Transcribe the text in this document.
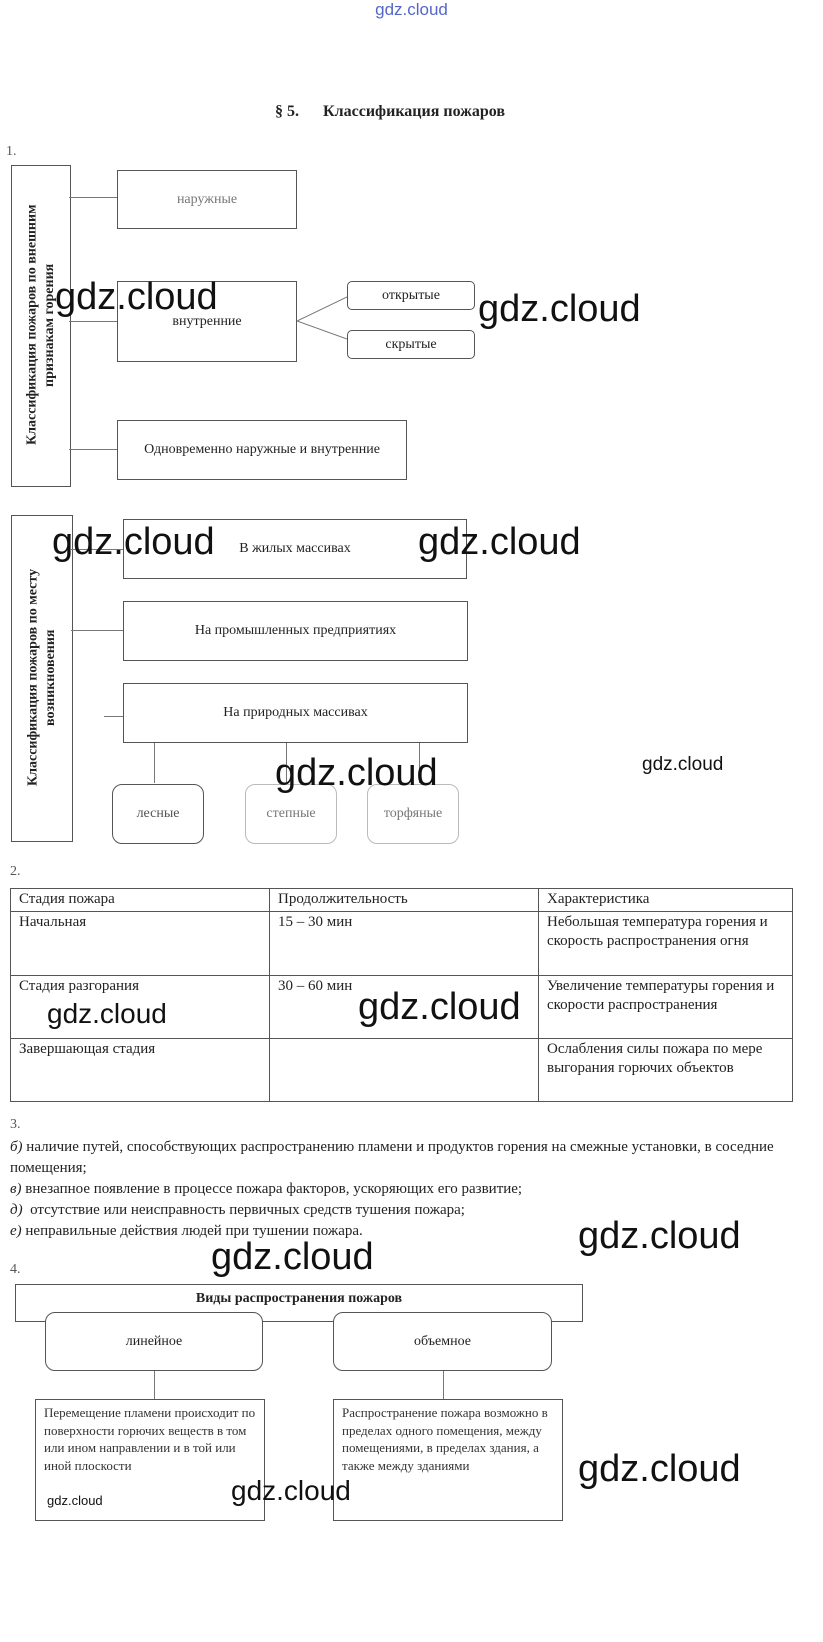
gdz.cloud
§ 5.      Классификация пожаров
1.
Классификация пожаров по внешним признакам горения
наружные
внутренние
открытые
скрытые
Одновременно наружные и внутренние
Классификация пожаров по месту возникновения
В жилых массивах
На промышленных предприятиях
На природных массивах
лесные	степные	торфяные
2.
Стадия пожара	Продолжительность	Характеристика
Начальная	15 – 30 мин	Небольшая температура горения и скорость распространения огня
Стадия разгорания	30 – 60 мин	Увеличение температуры горения и скорости распространения
Завершающая стадия		Ослабления силы пожара по мере выгорания горючих объектов
3.
б) наличие путей, способствующих распространению пламени и продуктов горения на смежные установки, в соседние помещения;
в) внезапное появление в процессе пожара факторов, ускоряющих его развитие;
д)  отсутствие или неисправность первичных средств тушения пожара;
е) неправильные действия людей при тушении пожара.
4.
Виды распространения пожаров
линейное	объемное
Перемещение пламени происходит по поверхности горючих веществ в том или ином направлении и в той или иной плоскости
Распространение пожара возможно в пределах одного помещения, между помещениями, в пределах здания, а также между зданиями
gdz.cloud	gdz.cloud
gdz.cloud	gdz.cloud
gdz.cloud	gdz.cloud
gdz.cloud	gdz.cloud
gdz.cloud
gdz.cloud
gdz.cloud
gdz.cloud
gdz.cloud
